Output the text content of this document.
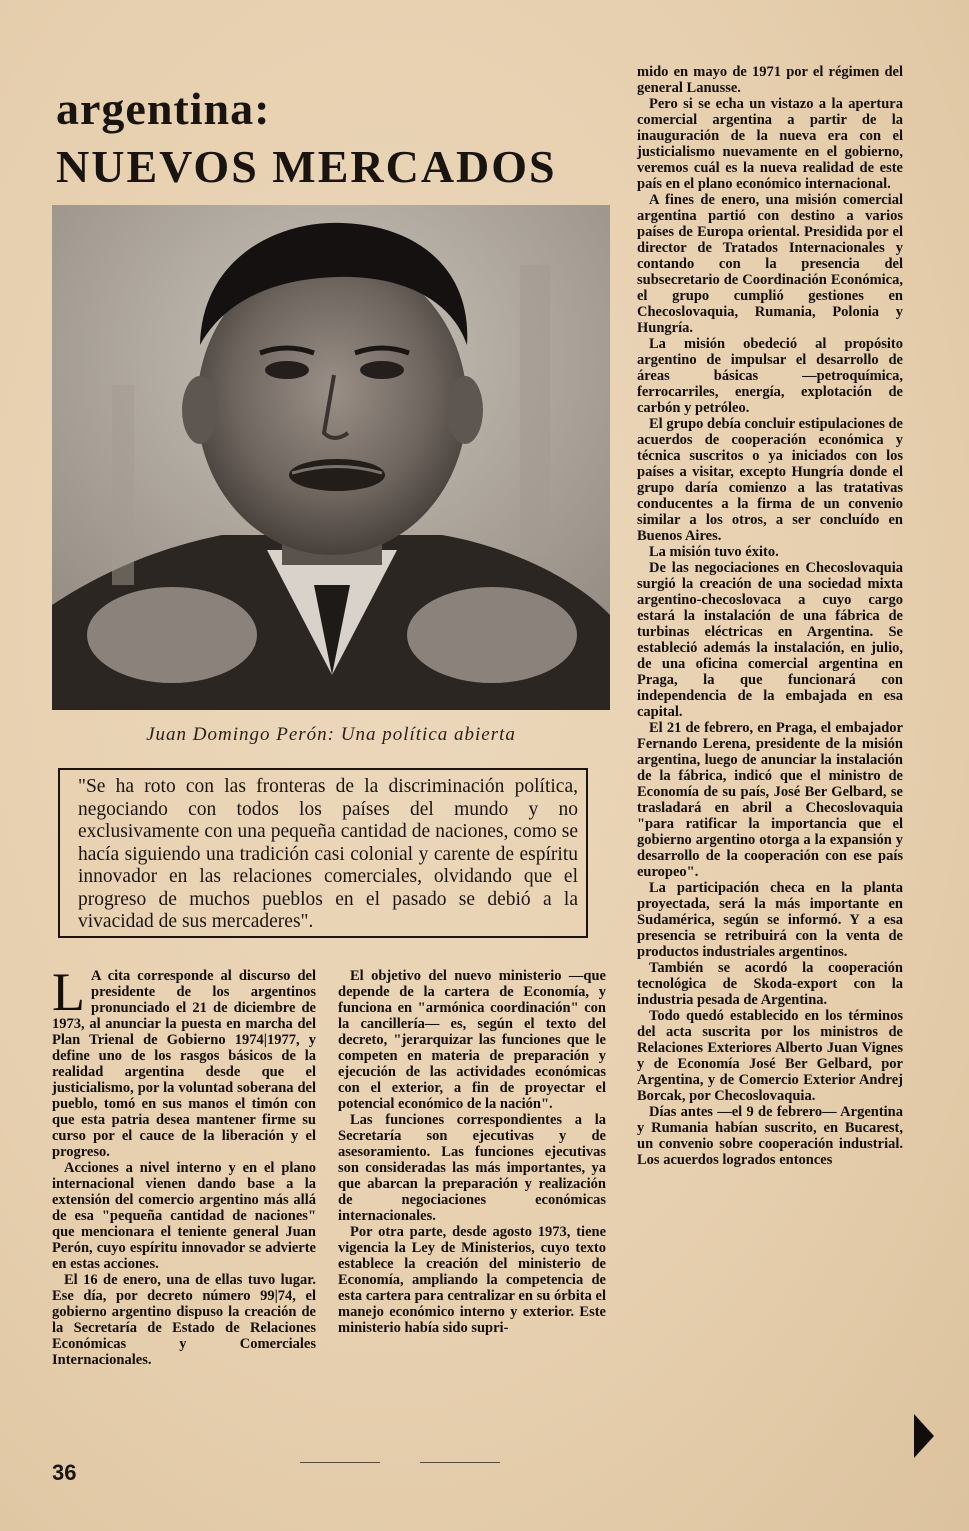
argentina:
NUEVOS MERCADOS
Juan Domingo Perón: Una política abierta

"Se ha roto con las fronteras de la discriminación política, negociando con todos los países del mundo y no exclusivamente con una pequeña cantidad de naciones, como se hacía siguiendo una tradición casi colonial y carente de espíritu innovador en las relaciones comerciales, olvidando que el progreso de muchos pueblos en el pasado se debió a la vivacidad de sus mercaderes".

L A cita corresponde al discurso del presidente de los argentinos pronunciado el 21 de diciembre de 1973, al anunciar la puesta en marcha del Plan Trienal de Gobierno 1974|1977, y define uno de los rasgos básicos de la realidad argentina desde que el justicialismo, por la voluntad soberana del pueblo, tomó en sus manos el timón con que esta patria desea mantener firme su curso por el cauce de la liberación y el progreso.

Acciones a nivel interno y en el plano internacional vienen dando base a la extensión del comercio argentino más allá de esa "pequeña cantidad de naciones" que mencionara el teniente general Juan Perón, cuyo espíritu innovador se advierte en estas acciones.

El 16 de enero, una de ellas tuvo lugar. Ese día, por decreto número 99|74, el gobierno argentino dispuso la creación de la Secretaría de Estado de Relaciones Económicas y Comerciales Internacionales.

El objetivo del nuevo ministerio —que depende de la cartera de Economía, y funciona en "armónica coordinación" con la cancillería— es, según el texto del decreto, "jerarquizar las funciones que le competen en materia de preparación y ejecución de las actividades económicas con el exterior, a fin de proyectar el potencial económico de la nación".

Las funciones correspondientes a la Secretaría son ejecutivas y de asesoramiento. Las funciones ejecutivas son consideradas las más importantes, ya que abarcan la preparación y realización de negociaciones económicas internacionales.

Por otra parte, desde agosto 1973, tiene vigencia la Ley de Ministerios, cuyo texto establece la creación del ministerio de Economía, ampliando la competencia de esta cartera para centralizar en su órbita el manejo económico interno y exterior. Este ministerio había sido supri-

mido en mayo de 1971 por el régimen del general Lanusse.

Pero si se echa un vistazo a la apertura comercial argentina a partir de la inauguración de la nueva era con el justicialismo nuevamente en el gobierno, veremos cuál es la nueva realidad de este país en el plano económico internacional.

A fines de enero, una misión comercial argentina partió con destino a varios países de Europa oriental. Presidida por el director de Tratados Internacionales y contando con la presencia del subsecretario de Coordinación Económica, el grupo cumplió gestiones en Checoslovaquia, Rumania, Polonia y Hungría.

La misión obedeció al propósito argentino de impulsar el desarrollo de áreas básicas —petroquímica, ferrocarriles, energía, explotación de carbón y petróleo.

El grupo debía concluir estipulaciones de acuerdos de cooperación económica y técnica suscritos o ya iniciados con los países a visitar, excepto Hungría donde el grupo daría comienzo a las tratativas conducentes a la firma de un convenio similar a los otros, a ser concluído en Buenos Aires.

La misión tuvo éxito.

De las negociaciones en Checoslovaquia surgió la creación de una sociedad mixta argentino-checoslovaca a cuyo cargo estará la instalación de una fábrica de turbinas eléctricas en Argentina. Se estableció además la instalación, en julio, de una oficina comercial argentina en Praga, la que funcionará con independencia de la embajada en esa capital.

El 21 de febrero, en Praga, el embajador Fernando Lerena, presidente de la misión argentina, luego de anunciar la instalación de la fábrica, indicó que el ministro de Economía de su país, José Ber Gelbard, se trasladará en abril a Checoslovaquia "para ratificar la importancia que el gobierno argentino otorga a la expansión y desarrollo de la cooperación con ese país europeo".

La participación checa en la planta proyectada, será la más importante en Sudamérica, según se informó. Y a esa presencia se retribuirá con la venta de productos industriales argentinos.

También se acordó la cooperación tecnológica de Skoda-export con la industria pesada de Argentina.

Todo quedó establecido en los términos del acta suscrita por los ministros de Relaciones Exteriores Alberto Juan Vignes y de Economía José Ber Gelbard, por Argentina, y de Comercio Exterior Andrej Borcak, por Checoslovaquia.

Días antes —el 9 de febrero— Argentina y Rumania habían suscrito, en Bucarest, un convenio sobre cooperación industrial. Los acuerdos logrados entonces

36
